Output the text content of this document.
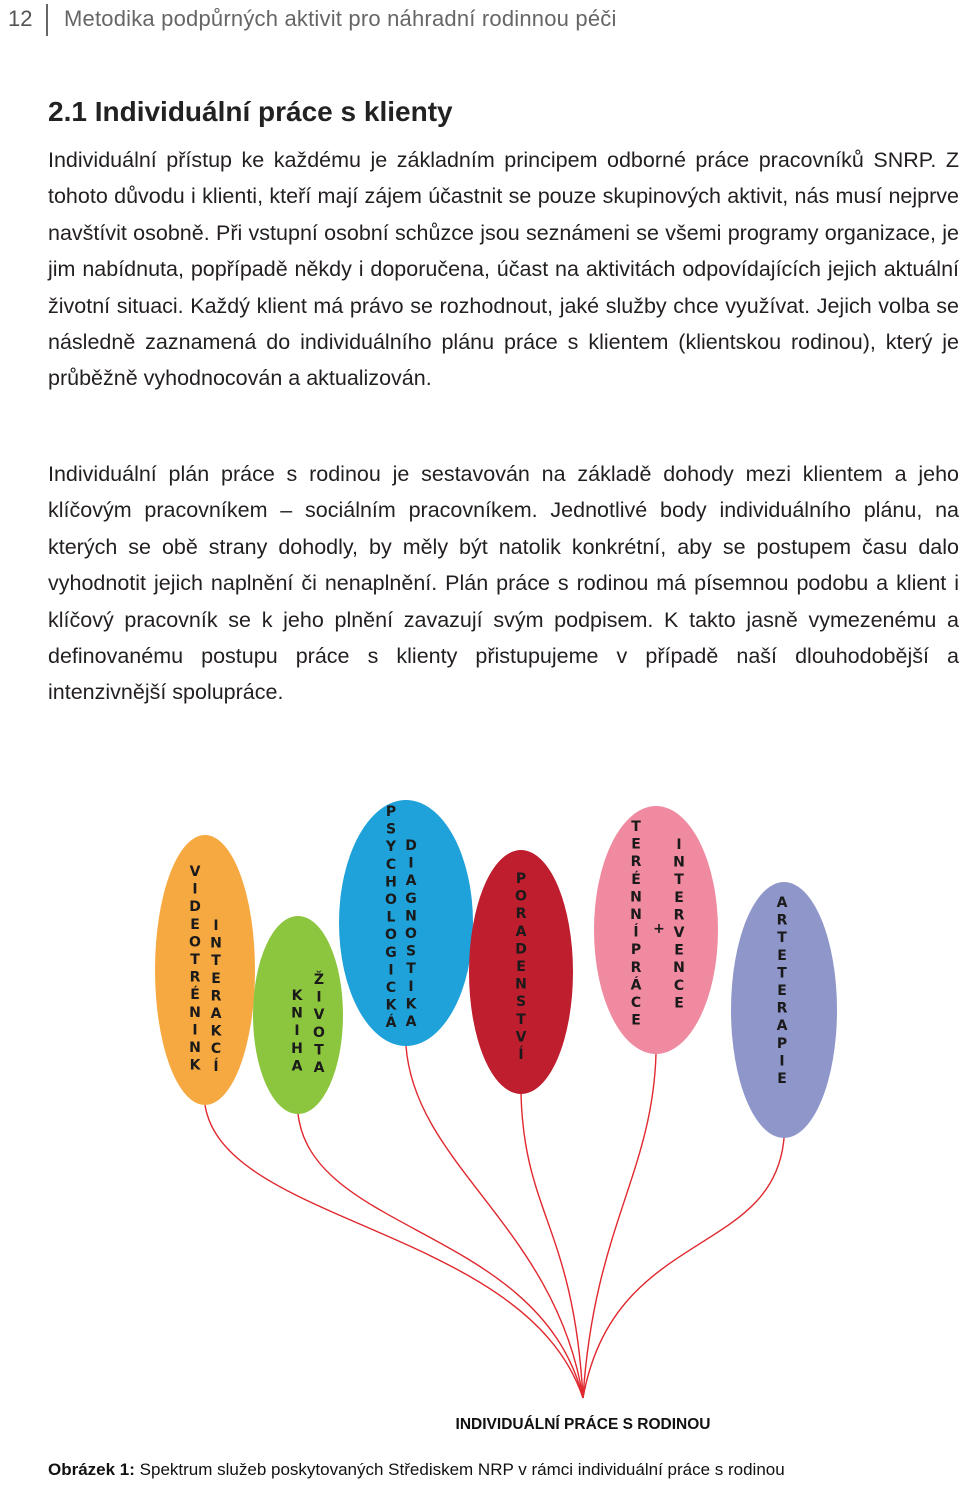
12 Metodika podpůrných aktivit pro náhradní rodinnou péči
2.1 Individuální práce s klienty

Individuální přístup ke každému je základním principem odborné práce pracovníků SNRP. Z tohoto důvodu i klienti, kteří mají zájem účastnit se pouze skupinových aktivit, nás musí nejprve navštívit osobně. Při vstupní osobní schůzce jsou seznámeni se všemi programy organizace, je jim nabídnuta, popřípadě někdy i doporučena, účast na aktivitách odpovídajících jejich aktuální životní situaci. Každý klient má právo se rozhodnout, jaké služby chce využívat. Jejich volba se následně zaznamená do individuálního plánu práce s klientem (klientskou rodinou), který je průběžně vyhodnocován a aktualizován.

Individuální plán práce s rodinou je sestavován na základě dohody mezi klientem a jeho klíčovým pracovníkem – sociálním pracovníkem. Jednotlivé body individuálního plánu, na kterých se obě strany dohodly, by měly být natolik konkrétní, aby se postupem času dalo vyhodnotit jejich naplnění či nenaplnění. Plán práce s rodinou má písemnou podobu a klient i klíčový pracovník se k jeho plnění zavazují svým podpisem. K takto jasně vymezenému a definovanému postupu práce s klienty přistupujeme v případě naší dlouhodobější a intenzivnější spolupráce.

V I D E O T R É N I N K
I N T E R A K C Í
K N I H A
Ž I V O T A
P S Y C H O L O G I C K Á
D I A G N O S T I K A
P O R A D E N S T V Í
T E R É N N Í P R Á C E
+
I N T E R V E N C E
A R T E T E R A P I E
INDIVIDUÁLNÍ PRÁCE S RODINOU
Obrázek 1: Spektrum služeb poskytovaných Střediskem NRP v rámci individuální práce s rodinou
